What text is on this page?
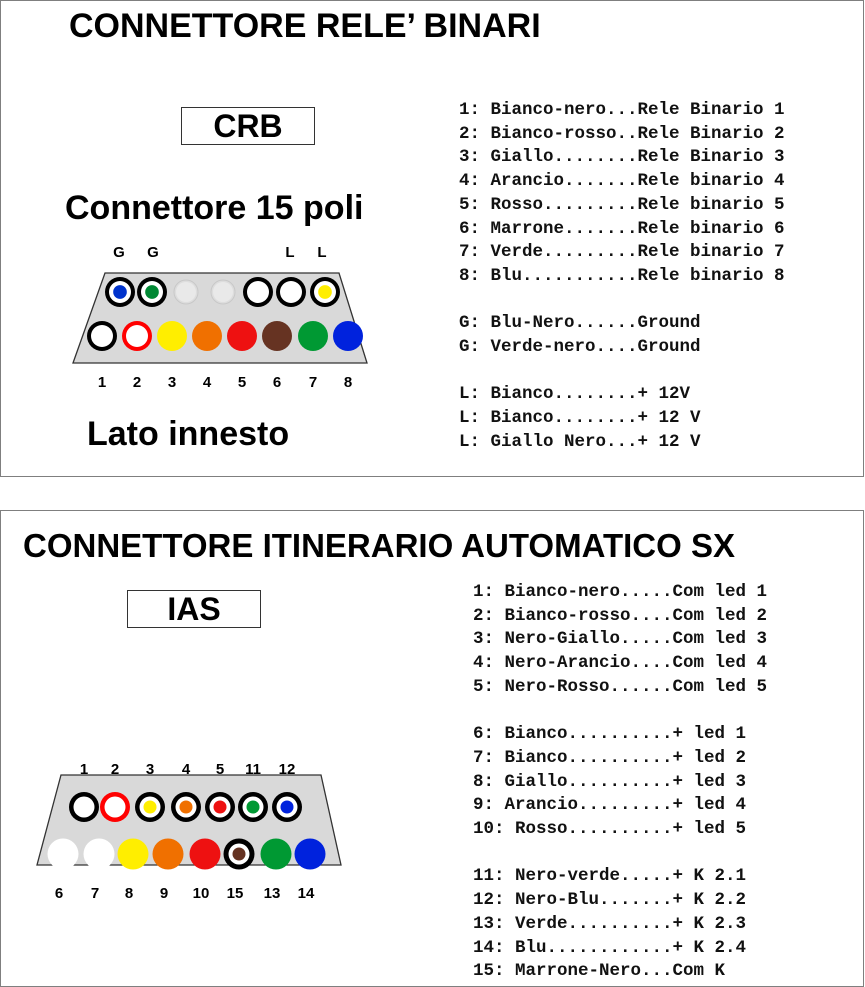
CONNETTORE RELE’ BINARI
CRB
Connettore 15 poli
G G	L L
1 2 3 4 5 6 7 8
Lato innesto
1: Bianco-nero...Rele Binario 1
2: Bianco-rosso..Rele Binario 2
3: Giallo........Rele Binario 3
4: Arancio.......Rele binario 4
5: Rosso.........Rele binario 5
6: Marrone.......Rele binario 6
7: Verde.........Rele binario 7
8: Blu...........Rele binario 8
G: Blu-Nero......Ground
G: Verde-nero....Ground
L: Bianco........+ 12V
L: Bianco........+ 12 V
L: Giallo Nero...+ 12 V
CONNETTORE ITINERARIO AUTOMATICO SX
IAS
1 2 3 4 5 11 12
6 7 8 9 10 15 13 14
1: Bianco-nero.....Com led 1
2: Bianco-rosso....Com led 2
3: Nero-Giallo.....Com led 3
4: Nero-Arancio....Com led 4
5: Nero-Rosso......Com led 5
6: Bianco..........+ led 1
7: Bianco..........+ led 2
8: Giallo..........+ led 3
9: Arancio.........+ led 4
10: Rosso..........+ led 5
11: Nero-verde.....+ K 2.1
12: Nero-Blu.......+ K 2.2
13: Verde..........+ K 2.3
14: Blu............+ K 2.4
15: Marrone-Nero...Com K
